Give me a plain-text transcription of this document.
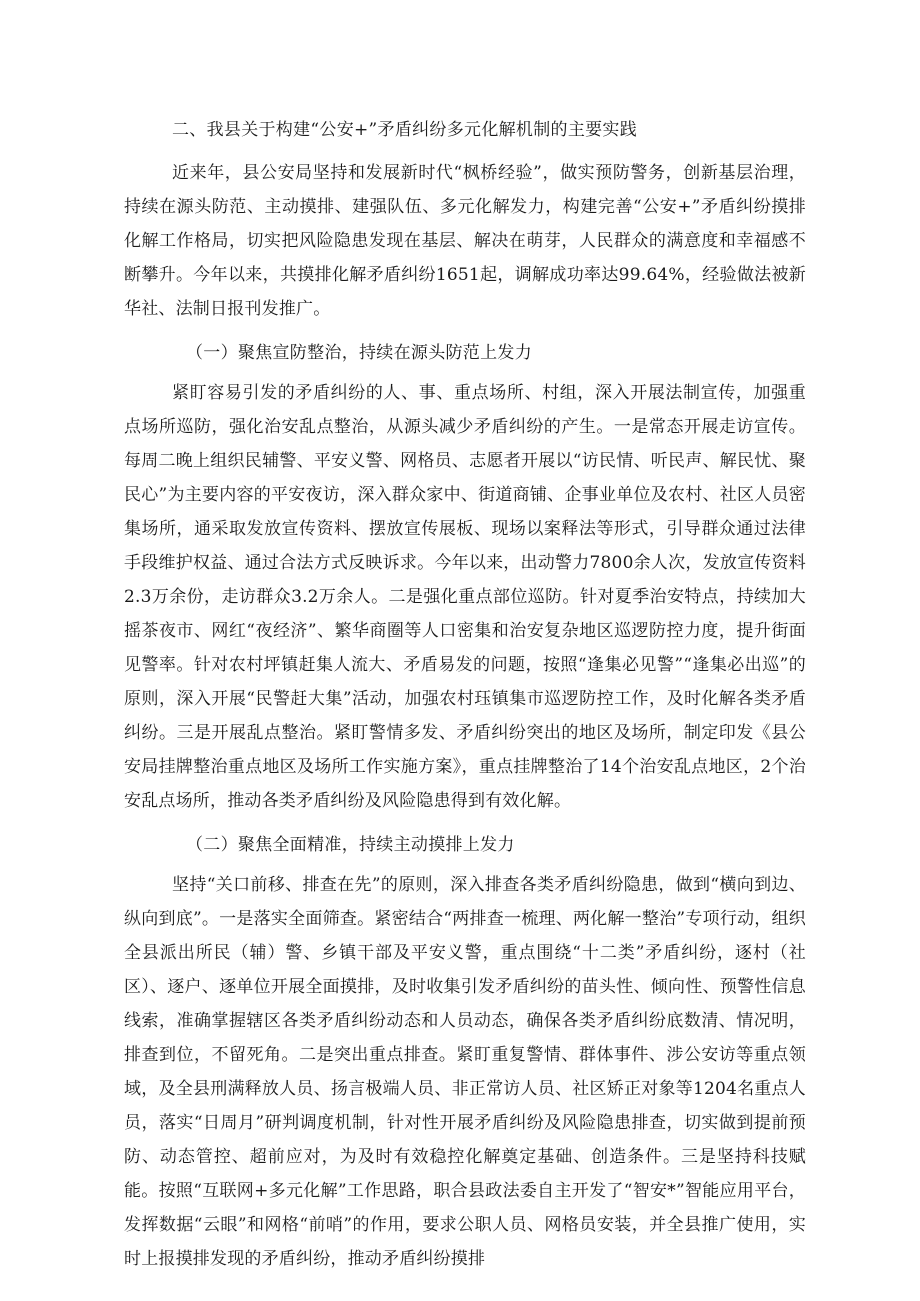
二、我县关于构建“公安+”矛盾纠纷多元化解机制的主要实践

近来年，县公安局坚持和发展新时代“枫桥经验”，做实预防警务，创新基层治理，持续在源头防范、主动摸排、建强队伍、多元化解发力，构建完善“公安+”矛盾纠纷摸排化解工作格局，切实把风险隐患发现在基层、解决在萌芽，人民群众的满意度和幸福感不断攀升。今年以来，共摸排化解矛盾纠纷1651起，调解成功率达99.64%，经验做法被新华社、法制日报刊发推广。

（一）聚焦宣防整治，持续在源头防范上发力

紧盯容易引发的矛盾纠纷的人、事、重点场所、村组，深入开展法制宣传，加强重点场所巡防，强化治安乱点整治，从源头减少矛盾纠纷的产生。一是常态开展走访宣传。每周二晚上组织民辅警、平安义警、网格员、志愿者开展以“访民情、听民声、解民忧、聚民心”为主要内容的平安夜访，深入群众家中、街道商铺、企事业单位及农村、社区人员密集场所，通采取发放宣传资料、摆放宣传展板、现场以案释法等形式，引导群众通过法律手段维护权益、通过合法方式反映诉求。今年以来，出动警力7800余人次，发放宣传资料2.3万余份，走访群众3.2万余人。二是强化重点部位巡防。针对夏季治安特点，持续加大摇茶夜市、网红“夜经济”、繁华商圈等人口密集和治安复杂地区巡逻防控力度，提升街面见警率。针对农村坪镇赶集人流大、矛盾易发的问题，按照“逢集必见警”“逢集必出巡”的原则，深入开展“民警赶大集”活动，加强农村珏镇集市巡逻防控工作，及时化解各类矛盾纠纷。三是开展乱点整治。紧盯警情多发、矛盾纠纷突出的地区及场所，制定印发《县公安局挂牌整治重点地区及场所工作实施方案》，重点挂牌整治了14个治安乱点地区，2个治安乱点场所，推动各类矛盾纠纷及风险隐患得到有效化解。

（二）聚焦全面精准，持续主动摸排上发力

坚持“关口前移、排查在先”的原则，深入排查各类矛盾纠纷隐患，做到“横向到边、纵向到底”。一是落实全面筛查。紧密结合“两排查一梳理、两化解一整治”专项行动，组织全县派出所民（辅）警、乡镇干部及平安义警，重点围绕“十二类”矛盾纠纷，逐村（社区）、逐户、逐单位开展全面摸排，及时收集引发矛盾纠纷的苗头性、倾向性、预警性信息线索，准确掌握辖区各类矛盾纠纷动态和人员动态，确保各类矛盾纠纷底数清、情况明，排查到位，不留死角。二是突出重点排查。紧盯重复警情、群体事件、涉公安访等重点领域，及全县刑满释放人员、扬言极端人员、非正常访人员、社区矫正对象等1204名重点人员，落实“日周月”研判调度机制，针对性开展矛盾纠纷及风险隐患排查，切实做到提前预防、动态管控、超前应对，为及时有效稳控化解奠定基础、创造条件。三是坚持科技赋能。按照“互联网+多元化解”工作思路，职合县政法委自主开发了“智安*”智能应用平台，发挥数据“云眼”和网格“前哨”的作用，要求公职人员、网格员安装，并全县推广使用，实时上报摸排发现的矛盾纠纷，推动矛盾纠纷摸排
